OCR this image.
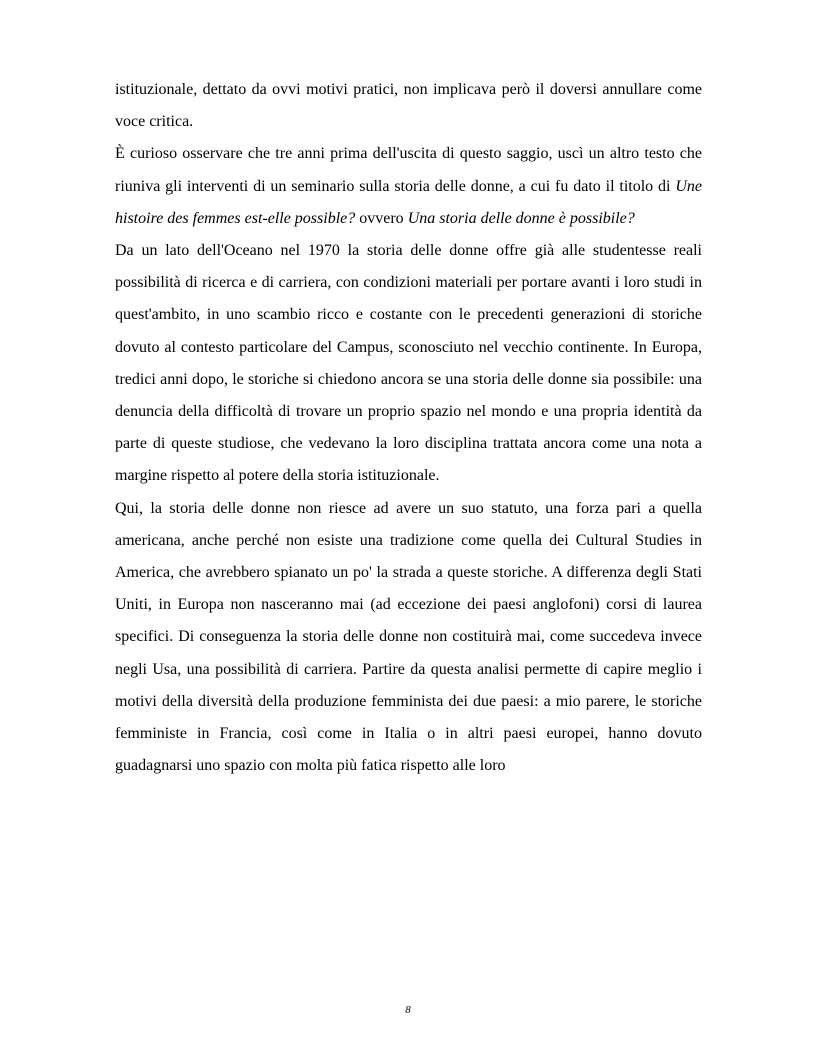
istituzionale, dettato da ovvi motivi pratici, non implicava però il doversi annullare come voce critica.

È curioso osservare che tre anni prima dell'uscita di questo saggio, uscì un altro testo che riuniva gli interventi di un seminario sulla storia delle donne, a cui fu dato il titolo di Une histoire des femmes est-elle possible? ovvero Una storia delle donne è possibile?

Da un lato dell'Oceano nel 1970 la storia delle donne offre già alle studentesse reali possibilità di ricerca e di carriera, con condizioni materiali per portare avanti i loro studi in quest'ambito, in uno scambio ricco e costante con le precedenti generazioni di storiche dovuto al contesto particolare del Campus, sconosciuto nel vecchio continente. In Europa, tredici anni dopo, le storiche si chiedono ancora se una storia delle donne sia possibile: una denuncia della difficoltà di trovare un proprio spazio nel mondo e una propria identità da parte di queste studiose, che vedevano la loro disciplina trattata ancora come una nota a margine rispetto al potere della storia istituzionale.

Qui, la storia delle donne non riesce ad avere un suo statuto, una forza pari a quella americana, anche perché non esiste una tradizione come quella dei Cultural Studies in America, che avrebbero spianato un po' la strada a queste storiche. A differenza degli Stati Uniti, in Europa non nasceranno mai (ad eccezione dei paesi anglofoni) corsi di laurea specifici. Di conseguenza la storia delle donne non costituirà mai, come succedeva invece negli Usa, una possibilità di carriera. Partire da questa analisi permette di capire meglio i motivi della diversità della produzione femminista dei due paesi: a mio parere, le storiche femministe in Francia, così come in Italia o in altri paesi europei, hanno dovuto guadagnarsi uno spazio con molta più fatica rispetto alle loro

8
